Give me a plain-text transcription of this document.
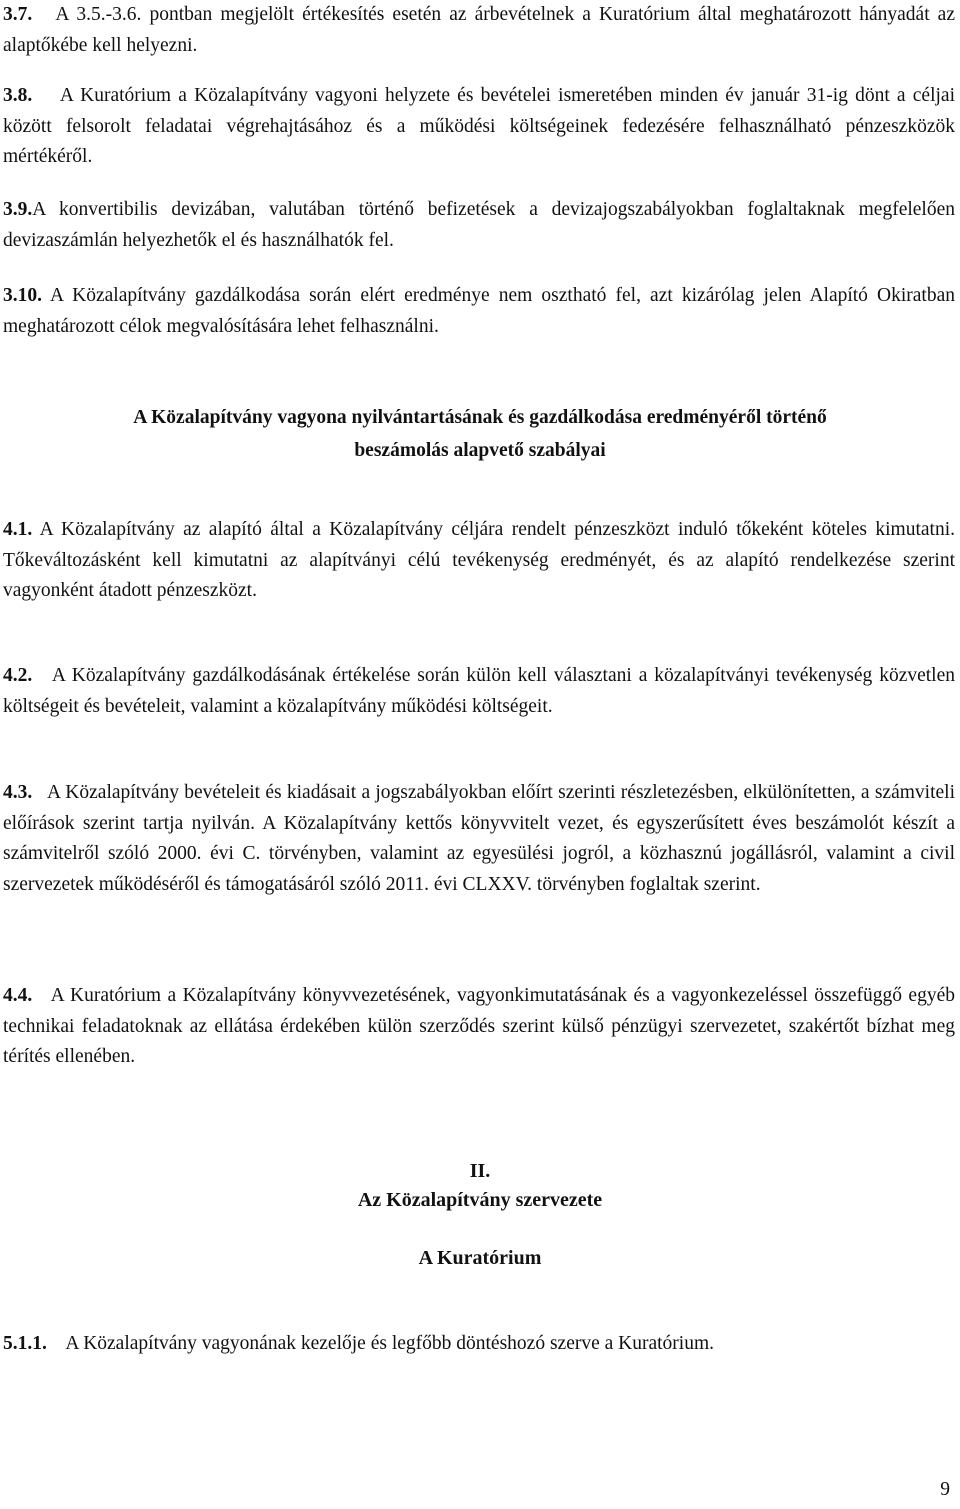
3.7. A 3.5.-3.6. pontban megjelölt értékesítés esetén az árbevételnek a Kuratórium által meghatározott hányadát az alaptőkébe kell helyezni.
3.8. A Kuratórium a Közalapítvány vagyoni helyzete és bevételei ismeretében minden év január 31-ig dönt a céljai között felsorolt feladatai végrehajtásához és a működési költségeinek fedezésére felhasználható pénzeszközök mértékéről.
3.9.A konvertibilis devizában, valutában történő befizetések a devizajogszabályokban foglaltaknak megfelelően devizaszámlán helyezhetők el és használhatók fel.
3.10. A Közalapítvány gazdálkodása során elért eredménye nem osztható fel, azt kizárólag jelen Alapító Okiratban meghatározott célok megvalósítására lehet felhasználni.
A Közalapítvány vagyona nyilvántartásának és gazdálkodása eredményéről történő
beszámolás alapvető szabályai
4.1. A Közalapítvány az alapító által a Közalapítvány céljára rendelt pénzeszközt induló tőkeként köteles kimutatni. Tőkeváltozásként kell kimutatni az alapítványi célú tevékenység eredményét, és az alapító rendelkezése szerint vagyonként átadott pénzeszközt.
4.2. A Közalapítvány gazdálkodásának értékelése során külön kell választani a közalapítványi tevékenység közvetlen költségeit és bevételeit, valamint a közalapítvány működési költségeit.
4.3. A Közalapítvány bevételeit és kiadásait a jogszabályokban előírt szerinti részletezésben, elkülönítetten, a számviteli előírások szerint tartja nyilván. A Közalapítvány kettős könyvvitelt vezet, és egyszerűsített éves beszámolót készít a számvitelről szóló 2000. évi C. törvényben, valamint az egyesülési jogról, a közhasznú jogállásról, valamint a civil szervezetek működéséről és támogatásáról szóló 2011. évi CLXXV. törvényben foglaltak szerint.
4.4. A Kuratórium a Közalapítvány könyvvezetésének, vagyonkimutatásának és a vagyonkezeléssel összefüggő egyéb technikai feladatoknak az ellátása érdekében külön szerződés szerint külső pénzügyi szervezetet, szakértőt bízhat meg térítés ellenében.
II.
Az Közalapítvány szervezete
A Kuratórium
5.1.1. A Közalapítvány vagyonának kezelője és legfőbb döntéshozó szerve a Kuratórium.
9
